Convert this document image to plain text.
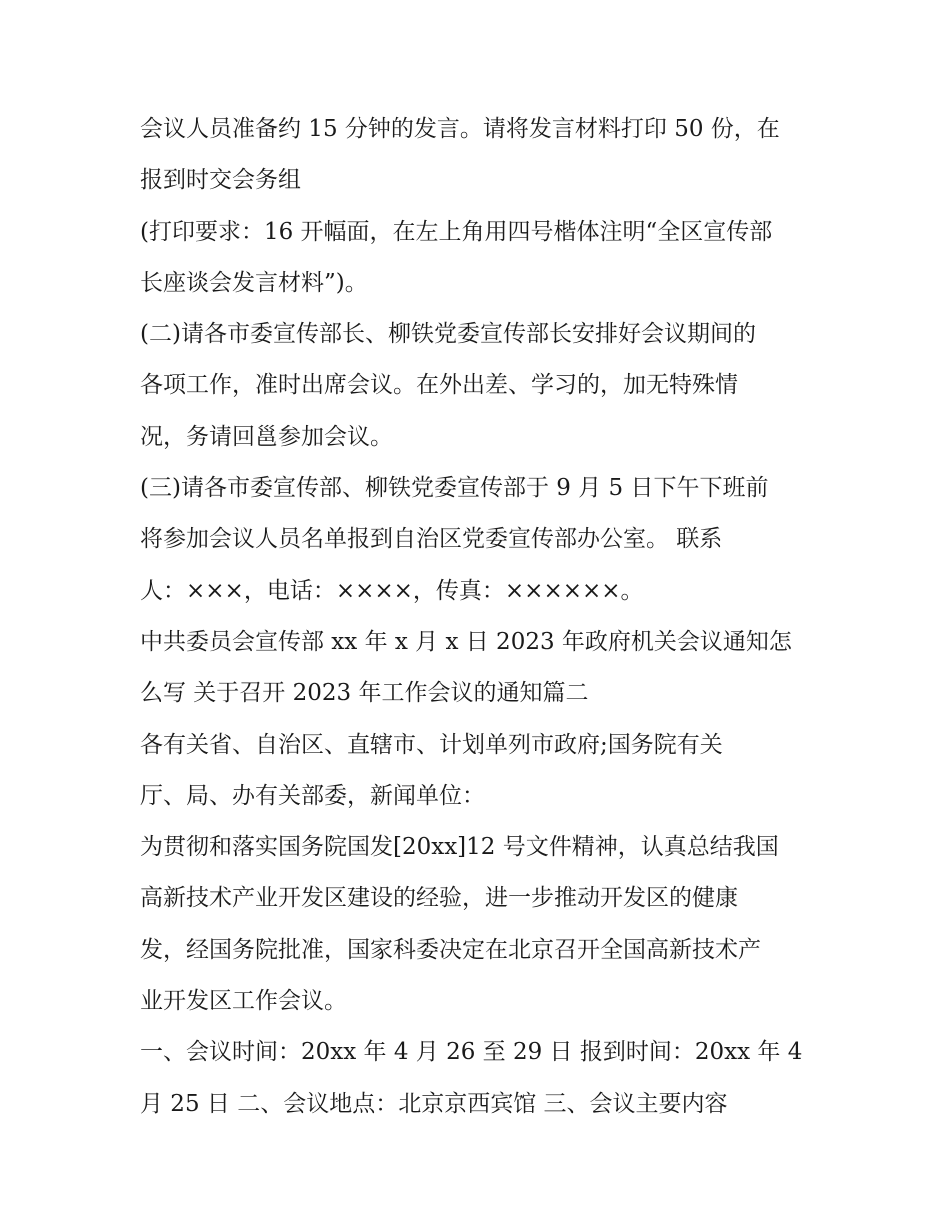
会议人员准备约 15 分钟的发言。请将发言材料打印 50 份，在
报到时交会务组
(打印要求：16 开幅面，在左上角用四号楷体注明“全区宣传部
长座谈会发言材料”)。
(二)请各市委宣传部长、柳铁党委宣传部长安排好会议期间的
各项工作，准时出席会议。在外出差、学习的，加无特殊情
况，务请回邕参加会议。
(三)请各市委宣传部、柳铁党委宣传部于 9 月 5 日下午下班前
将参加会议人员名单报到自治区党委宣传部办公室。 联系
人：×××，电话：××××，传真：××××××。
中共委员会宣传部 xx 年 x 月 x 日 2023 年政府机关会议通知怎
么写 关于召开 2023 年工作会议的通知篇二
各有关省、自治区、直辖市、计划单列市政府;国务院有关
厅、局、办有关部委，新闻单位：
为贯彻和落实国务院国发[20xx]12 号文件精神，认真总结我国
高新技术产业开发区建设的经验，进一步推动开发区的健康
发，经国务院批准，国家科委决定在北京召开全国高新技术产
业开发区工作会议。
一、会议时间：20xx 年 4 月 26 至 29 日 报到时间：20xx 年 4
月 25 日 二、会议地点：北京京西宾馆 三、会议主要内容
